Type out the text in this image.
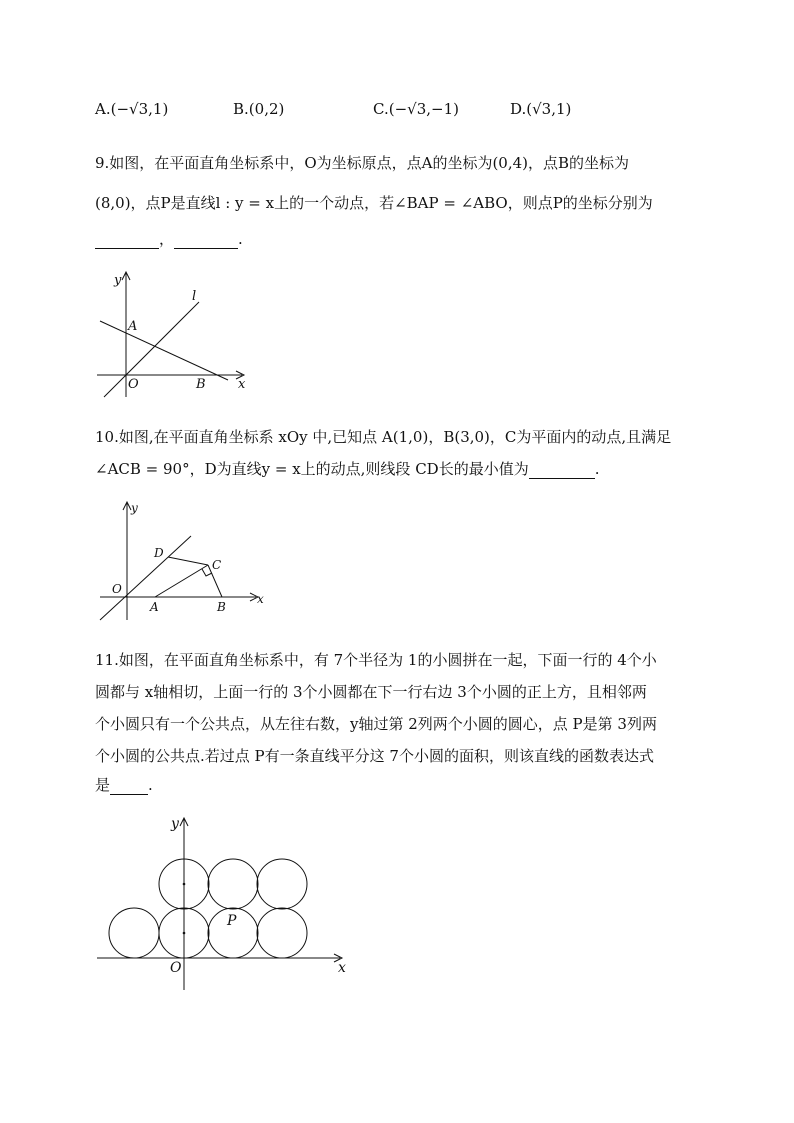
A.(−√3,1)	B.(0,2)	C.(−√3,−1)	D.(√3,1)
9.如图，在平面直角坐标系中，O为坐标原点，点A的坐标为(0,4)，点B的坐标为
(8,0)，点P是直线l : y = x上的一个动点，若∠BAP = ∠ABO，则点P的坐标分别为
，	.
y
l
A
O	B x
10.如图,在平面直角坐标系 xOy 中,已知点 A(1,0)，B(3,0)，C为平面内的动点,且满足
∠ACB = 90°，D为直线y = x上的动点,则线段 CD长的最小值为	.
y
D
C
O
A	B
x
11.如图，在平面直角坐标系中，有 7个半径为 1的小圆拼在一起，下面一行的 4个小
圆都与 x轴相切，上面一行的 3个小圆都在下一行右边 3个小圆的正上方，且相邻两
个小圆只有一个公共点，从左往右数，y轴过第 2列两个小圆的圆心，点 P是第 3列两
个小圆的公共点.若过点 P有一条直线平分这 7个小圆的面积，则该直线的函数表达式
是	.
y
P
O	x
